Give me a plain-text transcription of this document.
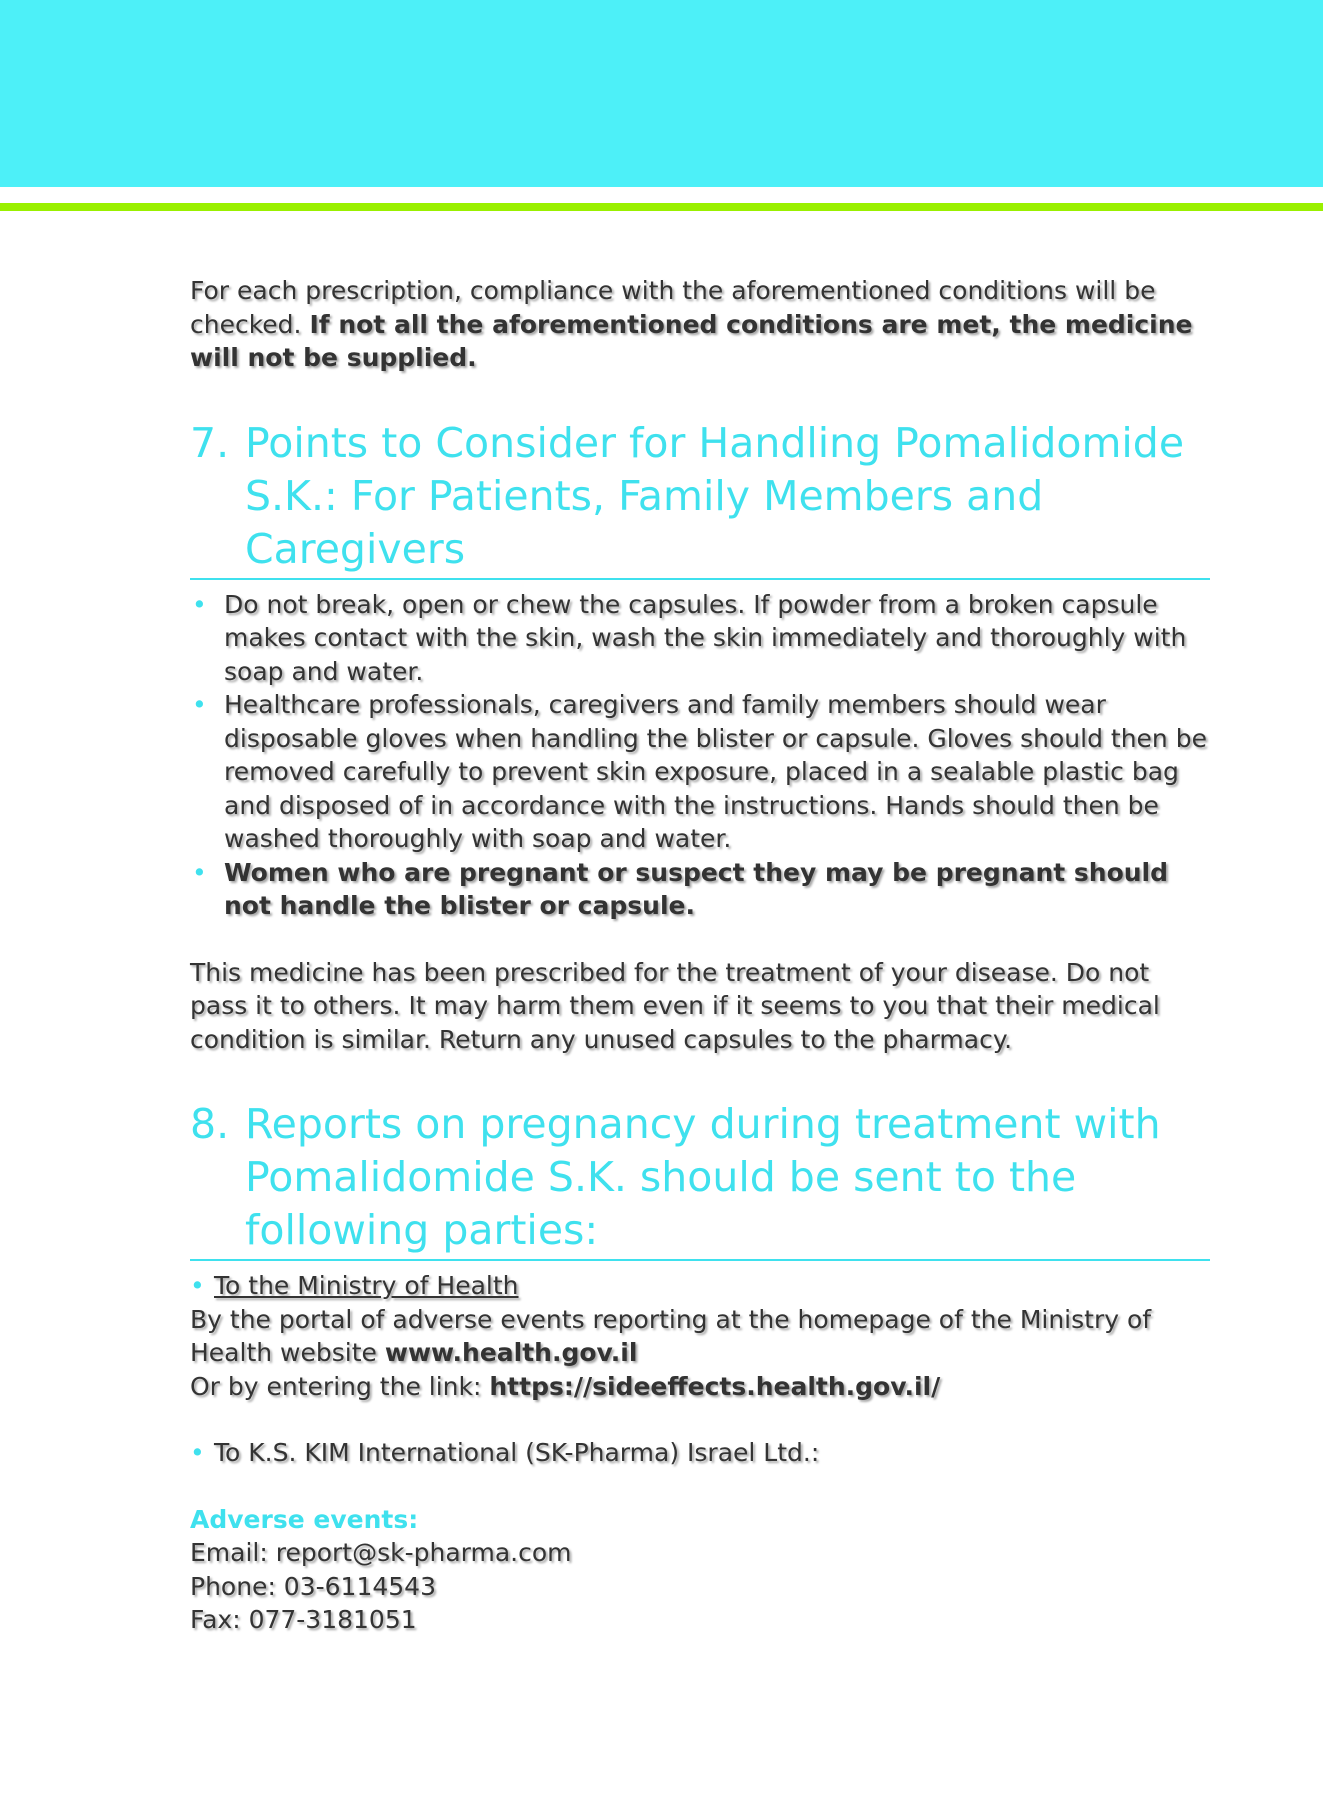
For each prescription, compliance with the aforementioned conditions will be checked. If not all the aforementioned conditions are met, the medicine will not be supplied.

7. Points to Consider for Handling Pomalidomide S.K.: For Patients, Family Members and Caregivers
• Do not break, open or chew the capsules. If powder from a broken capsule makes contact with the skin, wash the skin immediately and thoroughly with soap and water.
• Healthcare professionals, caregivers and family members should wear disposable gloves when handling the blister or capsule. Gloves should then be removed carefully to prevent skin exposure, placed in a sealable plastic bag and disposed of in accordance with the instructions. Hands should then be washed thoroughly with soap and water.
• Women who are pregnant or suspect they may be pregnant should not handle the blister or capsule.

This medicine has been prescribed for the treatment of your disease. Do not pass it to others. It may harm them even if it seems to you that their medical condition is similar. Return any unused capsules to the pharmacy.

8. Reports on pregnancy during treatment with Pomalidomide S.K. should be sent to the following parties:
• To the Ministry of Health

By the portal of adverse events reporting at the homepage of the Ministry of Health website www.health.gov.il

Or by entering the link: https://sideeffects.health.gov.il/

• To K.S. KIM International (SK-Pharma) Israel Ltd.:

Adverse events:

Email: report@sk-pharma.com

Phone: 03-6114543

Fax: 077-3181051
